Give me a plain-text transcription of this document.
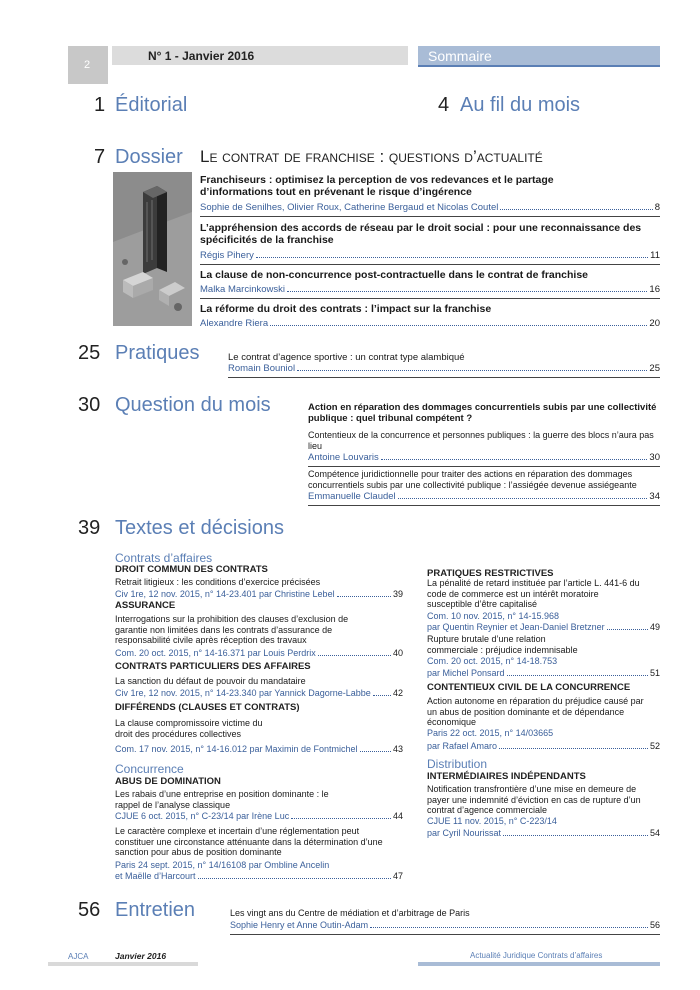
2
N° 1 - Janvier 2016	Sommaire
1 Éditorial	4 Au fil du mois
7 Dossier Le contrat de franchise : questions d’actualité
Franchiseurs : optimisez la perception de vos redevances et le partage d’informations tout en prévenant le risque d’ingérence
Sophie de Senilhes, Olivier Roux, Catherine Bergaud et Nicolas Coutel	8
L’appréhension des accords de réseau par le droit social : pour une reconnaissance des spécificités de la franchise
Régis Pihery	11
La clause de non-concurrence post-contractuelle dans le contrat de franchise
Malka Marcinkowski	16
La réforme du droit des contrats : l’impact sur la franchise
Alexandre Riera	20
25 Pratiques	Le contrat d’agence sportive : un contrat type alambiqué
Romain Bouniol	25
30 Question du mois	Action en réparation des dommages concurrentiels subis par une collectivité publique : quel tribunal compétent ?
Contentieux de la concurrence et personnes publiques : la guerre des blocs n’aura pas lieu
Antoine Louvaris	30
Compétence juridictionnelle pour traiter des actions en réparation des dommages concurrentiels subis par une collectivité publique : l’assiégée devenue assiégeante
Emmanuelle Claudel	34
39 Textes et décisions
Contrats d’affaires
DROIT COMMUN DES CONTRATS
Retrait litigieux : les conditions d’exercice précisées
Civ 1re, 12 nov. 2015, n° 14-23.401 par Christine Lebel	39
ASSURANCE
Interrogations sur la prohibition des clauses d’exclusion de garantie non limitées dans les contrats d’assurance de responsabilité civile après réception des travaux
Com. 20 oct. 2015, n° 14-16.371 par Louis Perdrix	40
CONTRATS PARTICULIERS DES AFFAIRES
La sanction du défaut de pouvoir du mandataire
Civ 1re, 12 nov. 2015, n° 14-23.340 par Yannick Dagorne-Labbe 42
DIFFÉRENDS (CLAUSES ET CONTRATS)
La clause compromissoire victime du droit des procédures collectives
Com. 17 nov. 2015, n° 14-16.012 par Maximin de Fontmichel	43
Concurrence
ABUS DE DOMINATION
Les rabais d’une entreprise en position dominante : le rappel de l’analyse classique
CJUE 6 oct. 2015, n° C-23/14 par Irène Luc	44
Le caractère complexe et incertain d’une réglementation peut constituer une circonstance atténuante dans la détermination d’une sanction pour abus de position dominante
Paris 24 sept. 2015, n° 14/16108 par Ombline Ancelin
et Maëlle d’Harcourt	47
PRATIQUES RESTRICTIVES
La pénalité de retard instituée par l’article L. 441-6 du code de commerce est un intérêt moratoire susceptible d’être capitalisé
Com. 10 nov. 2015, n° 14-15.968
par Quentin Reynier et Jean-Daniel Bretzner	49
Rupture brutale d’une relation commerciale : préjudice indemnisable
Com. 20 oct. 2015, n° 14-18.753
par Michel Ponsard	51
CONTENTIEUX CIVIL DE LA CONCURRENCE
Action autonome en réparation du préjudice causé par un abus de position dominante et de dépendance économique
Paris 22 oct. 2015, n° 14/03665
par Rafael Amaro	52
Distribution
INTERMÉDIAIRES INDÉPENDANTS
Notification transfrontière d’une mise en demeure de payer une indemnité d’éviction en cas de rupture d’un contrat d’agence commerciale
CJUE 11 nov. 2015, n° C-223/14
par Cyril Nourissat	54
56 Entretien	Les vingt ans du Centre de médiation et d’arbitrage de Paris
Sophie Henry et Anne Outin-Adam	56
AJCA	Janvier 2016	Actualité Juridique Contrats d’affaires
